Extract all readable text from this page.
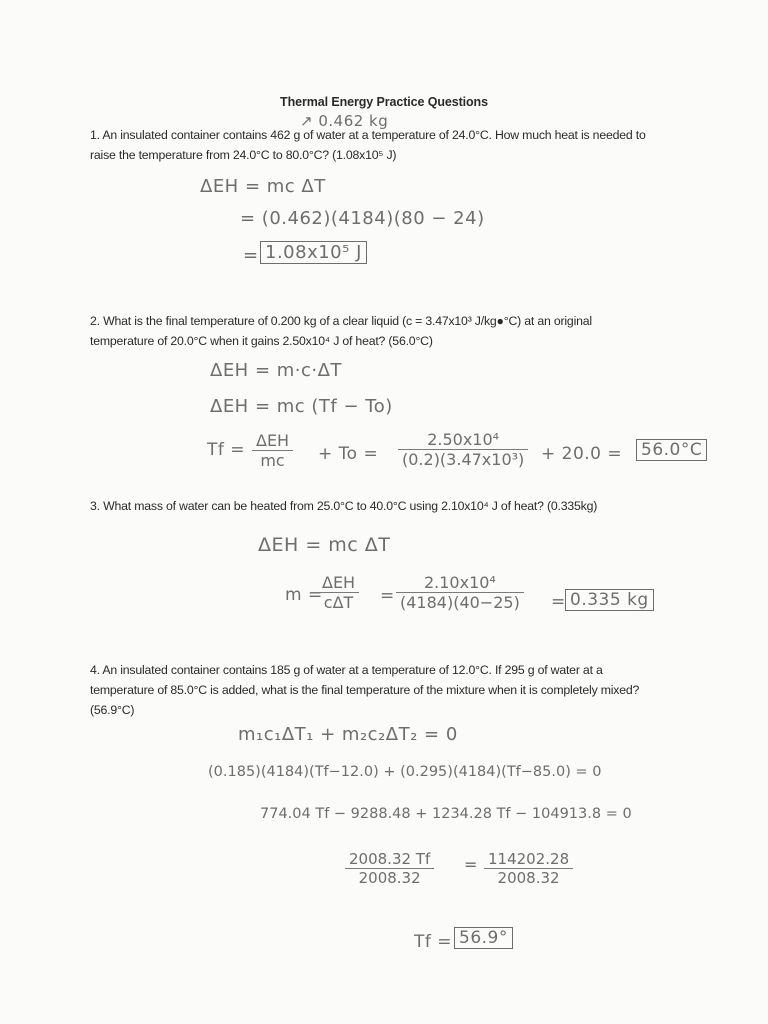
Thermal Energy Practice Questions
↗ 0.462 kg

1. An insulated container contains 462 g of water at a temperature of 24.0°C. How much heat is needed to

raise the temperature from 24.0°C to 80.0°C? (1.08x10⁵ J)

ΔEH = mc ΔT
= (0.462)(4184)(80 − 24)
= 1.08x10⁵ J

2. What is the final temperature of 0.200 kg of a clear liquid (c = 3.47x10³ J/kg●°C) at an original

temperature of 20.0°C when it gains 2.50x10⁴ J of heat? (56.0°C)

ΔEH = m·c·ΔT
ΔEH = mc (Tf − To)
Tf = ΔEH
mc	+ $To = \frac{\text{2.50x10⁴}}{\text{(0.2)(3.47x10³)}} + 20.0 = 56.0^\circ C$

3. What mass of water can be heated from 25.0°C to 40.0°C using 2.10x10⁴ J of heat? (0.335kg)

ΔEH = mc ΔT
m =
ΔEH
cΔT	= $\frac{\text{2.10x10⁴}}{(4184)(40-25)} = 0.335$ kg

4. An insulated container contains 185 g of water at a temperature of 12.0°C. If 295 g of water at a

temperature of 85.0°C is added, what is the final temperature of the mixture when it is completely mixed?

(56.9°C)

m₁c₁ΔT₁ + m₂c₂ΔT₂ = 0
(0.185)(4184)(Tf−12.0) + (0.295)(4184)(Tf−85.0) = 0
774.04 Tf − 9288.48 + 1234.28 Tf − 104913.8 = 0
$\frac{2008.32 Tf}{2008.32} = \frac{114202.28}{2008.32}$
Tf = 56.9°
